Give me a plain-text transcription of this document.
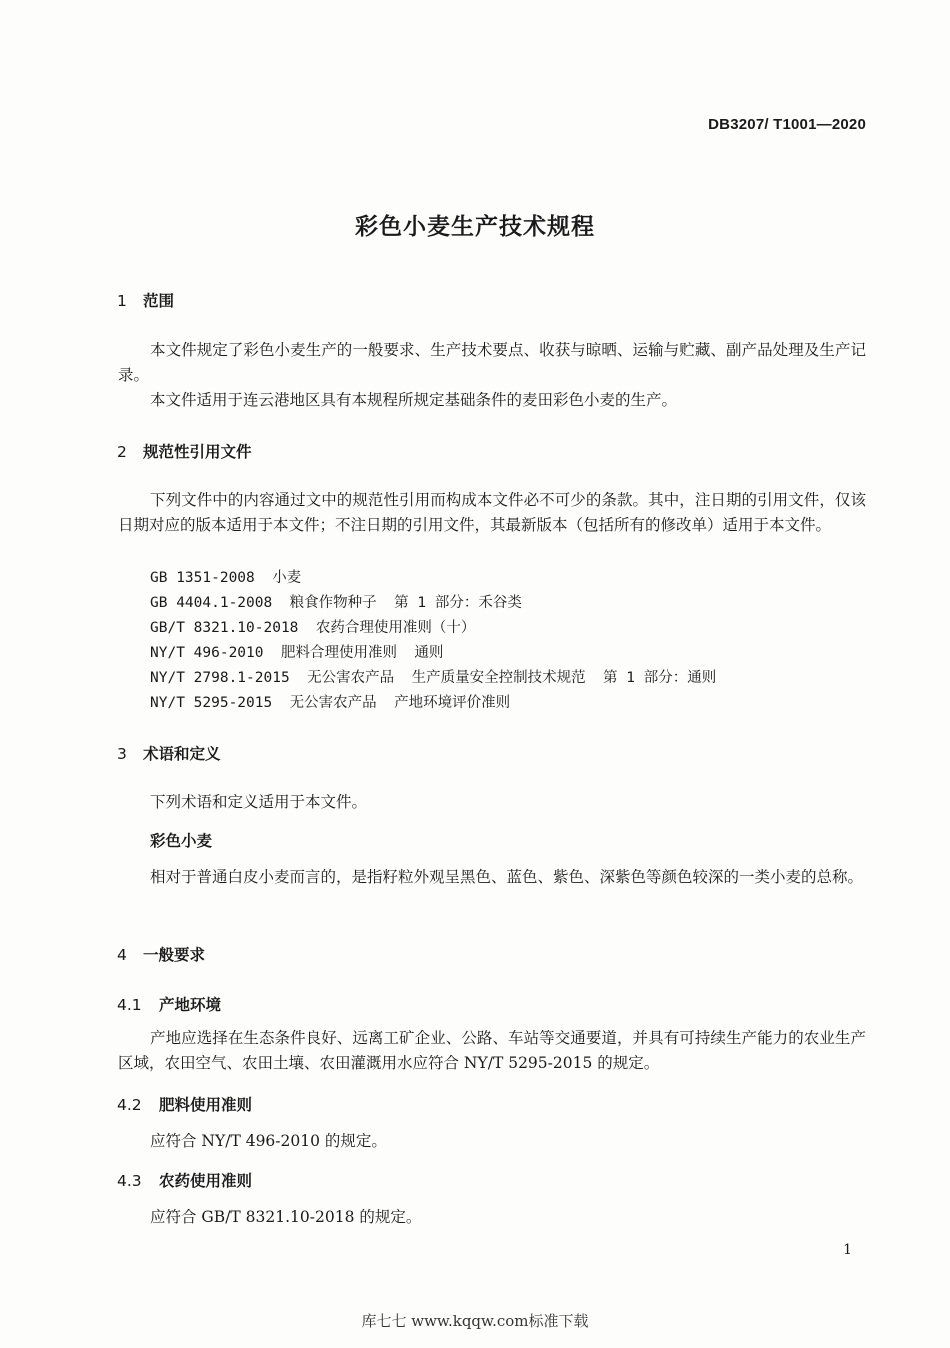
DB3207/ T1001—2020
彩色小麦生产技术规程
1 范围
本文件规定了彩色小麦生产的一般要求、生产技术要点、收获与晾晒、运输与贮藏、副产品处理及生产记录。
本文件适用于连云港地区具有本规程所规定基础条件的麦田彩色小麦的生产。
2 规范性引用文件
下列文件中的内容通过文中的规范性引用而构成本文件必不可少的条款。其中，注日期的引用文件，仅该日期对应的版本适用于本文件；不注日期的引用文件，其最新版本（包括所有的修改单）适用于本文件。
GB 1351-2008  小麦
GB 4404.1-2008  粮食作物种子  第 1 部分：禾谷类
GB/T 8321.10-2018  农药合理使用准则（十）
NY/T 496-2010  肥料合理使用准则  通则
NY/T 2798.1-2015  无公害农产品  生产质量安全控制技术规范  第 1 部分：通则
NY/T 5295-2015  无公害农产品  产地环境评价准则
3 术语和定义
下列术语和定义适用于本文件。
彩色小麦
相对于普通白皮小麦而言的，是指籽粒外观呈黑色、蓝色、紫色、深紫色等颜色较深的一类小麦的总称。
4 一般要求
4.1 产地环境
产地应选择在生态条件良好、远离工矿企业、公路、车站等交通要道，并具有可持续生产能力的农业生产区域，农田空气、农田土壤、农田灌溉用水应符合 NY/T 5295-2015 的规定。
4.2 肥料使用准则
应符合 NY/T 496-2010 的规定。
4.3 农药使用准则
应符合 GB/T 8321.10-2018 的规定。
1
库七七 www.kqqw.com标准下载
